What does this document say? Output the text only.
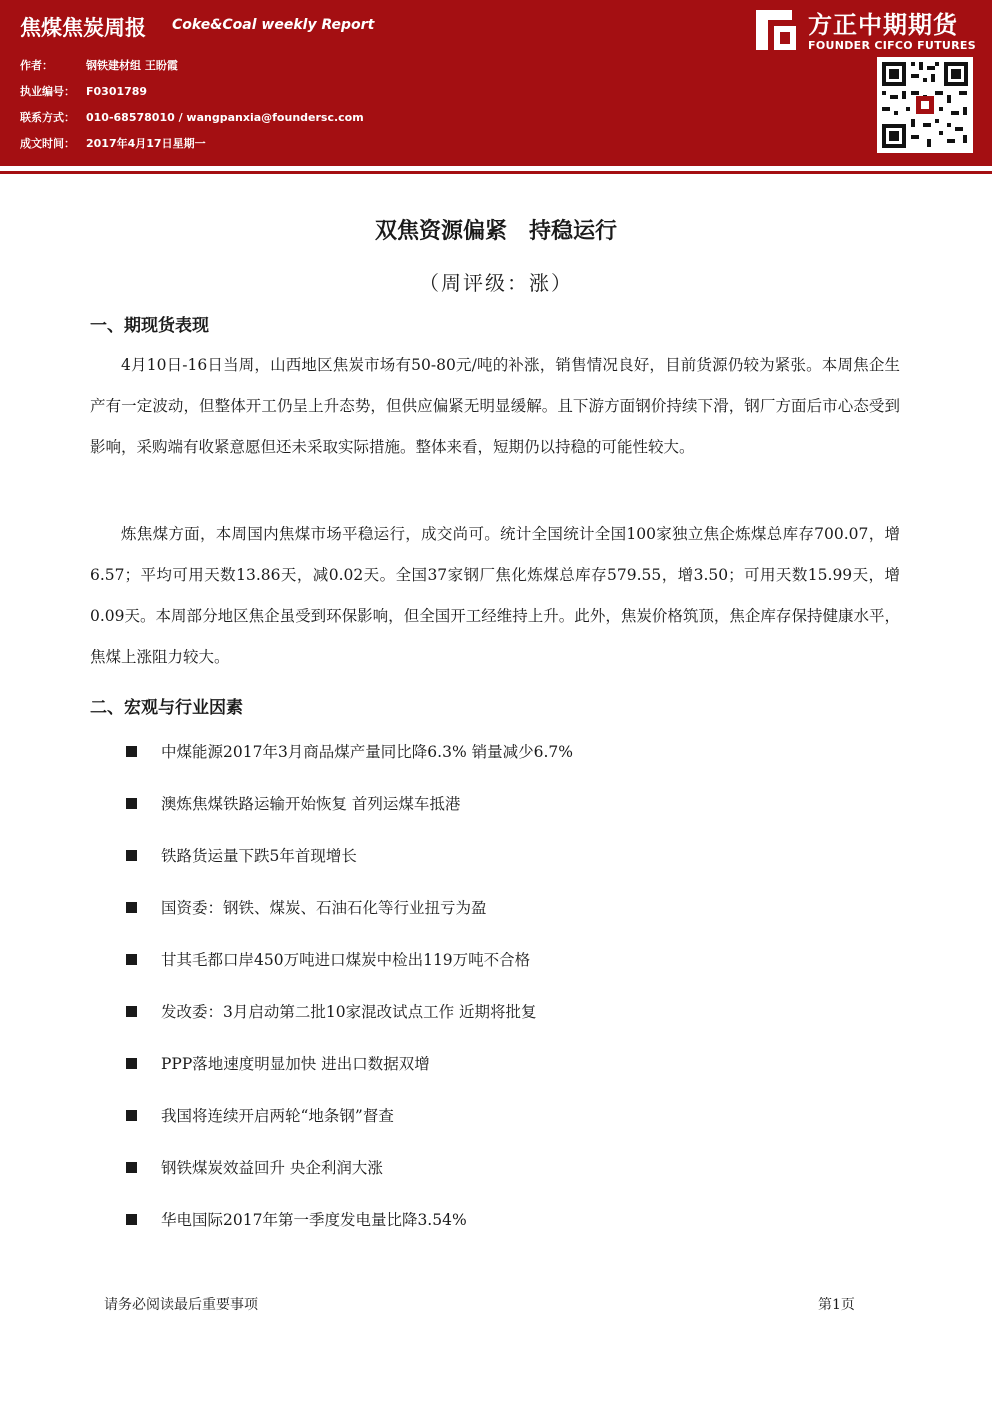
焦煤焦炭周报 Coke&Coal weekly Report
作者：	钢铁建材组 王盼霞
执业编号： F0301789
联系方式： 010-68578010 / wangpanxia@foundersc.com
成文时间： 2017年4月17日星期一
方正中期期货
FOUNDER CIFCO FUTURES
双焦资源偏紧　持稳运行
（周评级：涨）
一、期现货表现
4月10日-16日当周，山西地区焦炭市场有50-80元/吨的补涨，销售情况良好，目前货源仍较为紧张。本周焦企生产有一定波动，但整体开工仍呈上升态势，但供应偏紧无明显缓解。且下游方面钢价持续下滑，钢厂方面后市心态受到影响，采购端有收紧意愿但还未采取实际措施。整体来看，短期仍以持稳的可能性较大。
炼焦煤方面，本周国内焦煤市场平稳运行，成交尚可。统计全国统计全国100家独立焦企炼煤总库存700.07，增6.57；平均可用天数13.86天，减0.02天。全国37家钢厂焦化炼煤总库存579.55，增3.50；可用天数15.99天，增0.09天。本周部分地区焦企虽受到环保影响，但全国开工经维持上升。此外，焦炭价格筑顶，焦企库存保持健康水平，焦煤上涨阻力较大。
二、宏观与行业因素
中煤能源2017年3月商品煤产量同比降6.3% 销量减少6.7%
澳炼焦煤铁路运输开始恢复 首列运煤车抵港
铁路货运量下跌5年首现增长
国资委：钢铁、煤炭、石油石化等行业扭亏为盈
甘其毛都口岸450万吨进口煤炭中检出119万吨不合格
发改委：3月启动第二批10家混改试点工作 近期将批复
PPP落地速度明显加快 进出口数据双增
我国将连续开启两轮“地条钢”督查
钢铁煤炭效益回升 央企利润大涨
华电国际2017年第一季度发电量比降3.54%
请务必阅读最后重要事项	第1页
